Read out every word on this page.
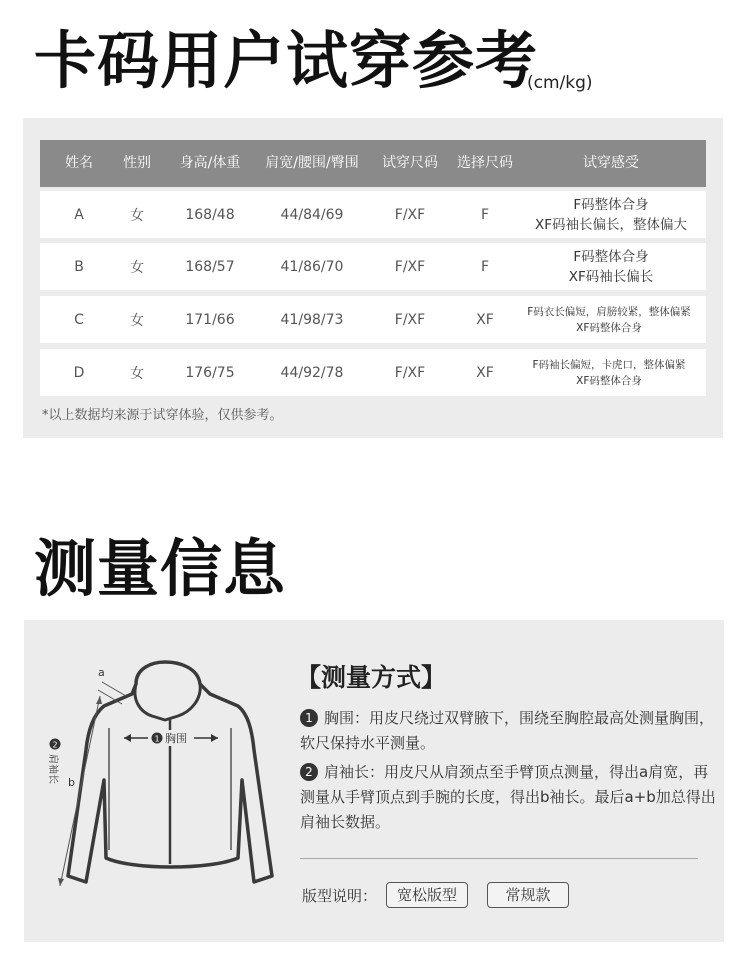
卡码用户试穿参考
(cm/kg)
姓名	性别	身高/体重	肩宽/腰围/臀围	试穿尺码	选择尺码	试穿感受
A	女	168/48	44/84/69	F/XF	F
F码整体合身
XF码袖长偏长，整体偏大
B	女	168/57	41/86/70	F/XF	F
F码整体合身
XF码袖长偏长
C	女	171/66	41/98/73	F/XF	XF	F码衣长偏短，肩膀较紧，整体偏紧
XF码整体合身
D	女	176/75	44/92/78	F/XF	XF	F码袖长偏短，卡虎口，整体偏紧
XF码整体合身
*以上数据均来源于试穿体验，仅供参考。
测量信息
1 胸围
a
b
2
肩袖长
【测量方式】
1 胸围：用皮尺绕过双臂腋下，围绕至胸腔最高处测量胸围，软尺保持水平测量。
2 肩袖长：用皮尺从肩颈点至手臂顶点测量，得出a肩宽，再测量从手臂顶点到手腕的长度，得出b袖长。最后a+b加总得出肩袖长数据。
版型说明：	宽松版型	常规款
